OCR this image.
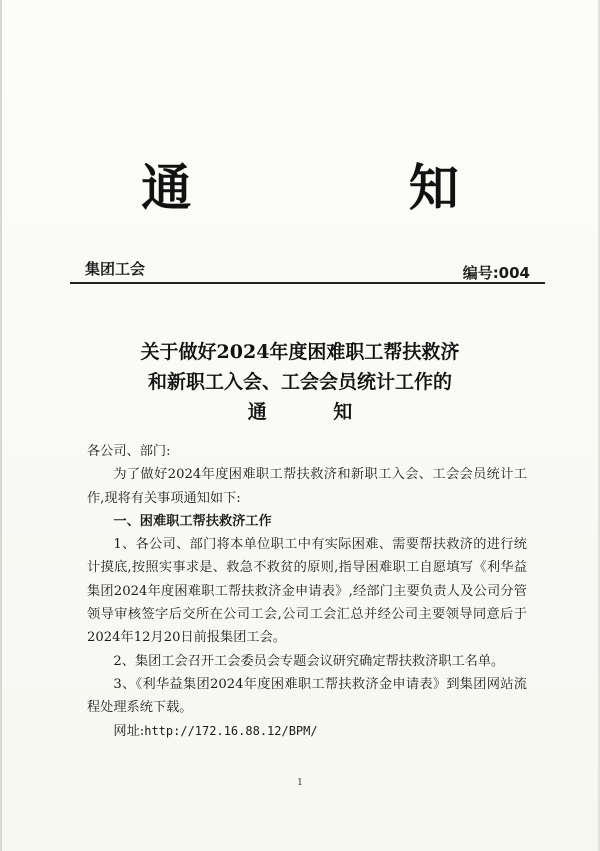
通 知
集团工会	编号:004
关于做好2024年度困难职工帮扶救济
和新职工入会、工会会员统计工作的
通 知

各公司、部门:

为了做好2024年度困难职工帮扶救济和新职工入会、工会会员统计工作,现将有关事项通知如下:

一、困难职工帮扶救济工作

1、各公司、部门将本单位职工中有实际困难、需要帮扶救济的进行统计摸底,按照实事求是、救急不救贫的原则,指导困难职工自愿填写《利华益集团2024年度困难职工帮扶救济金申请表》,经部门主要负责人及公司分管领导审核签字后交所在公司工会,公司工会汇总并经公司主要领导同意后于2024年12月20日前报集团工会。

2、集团工会召开工会委员会专题会议研究确定帮扶救济职工名单。

3、《利华益集团2024年度困难职工帮扶救济金申请表》到集团网站流程处理系统下载。

网址:http://172.16.88.12/BPM/

1
